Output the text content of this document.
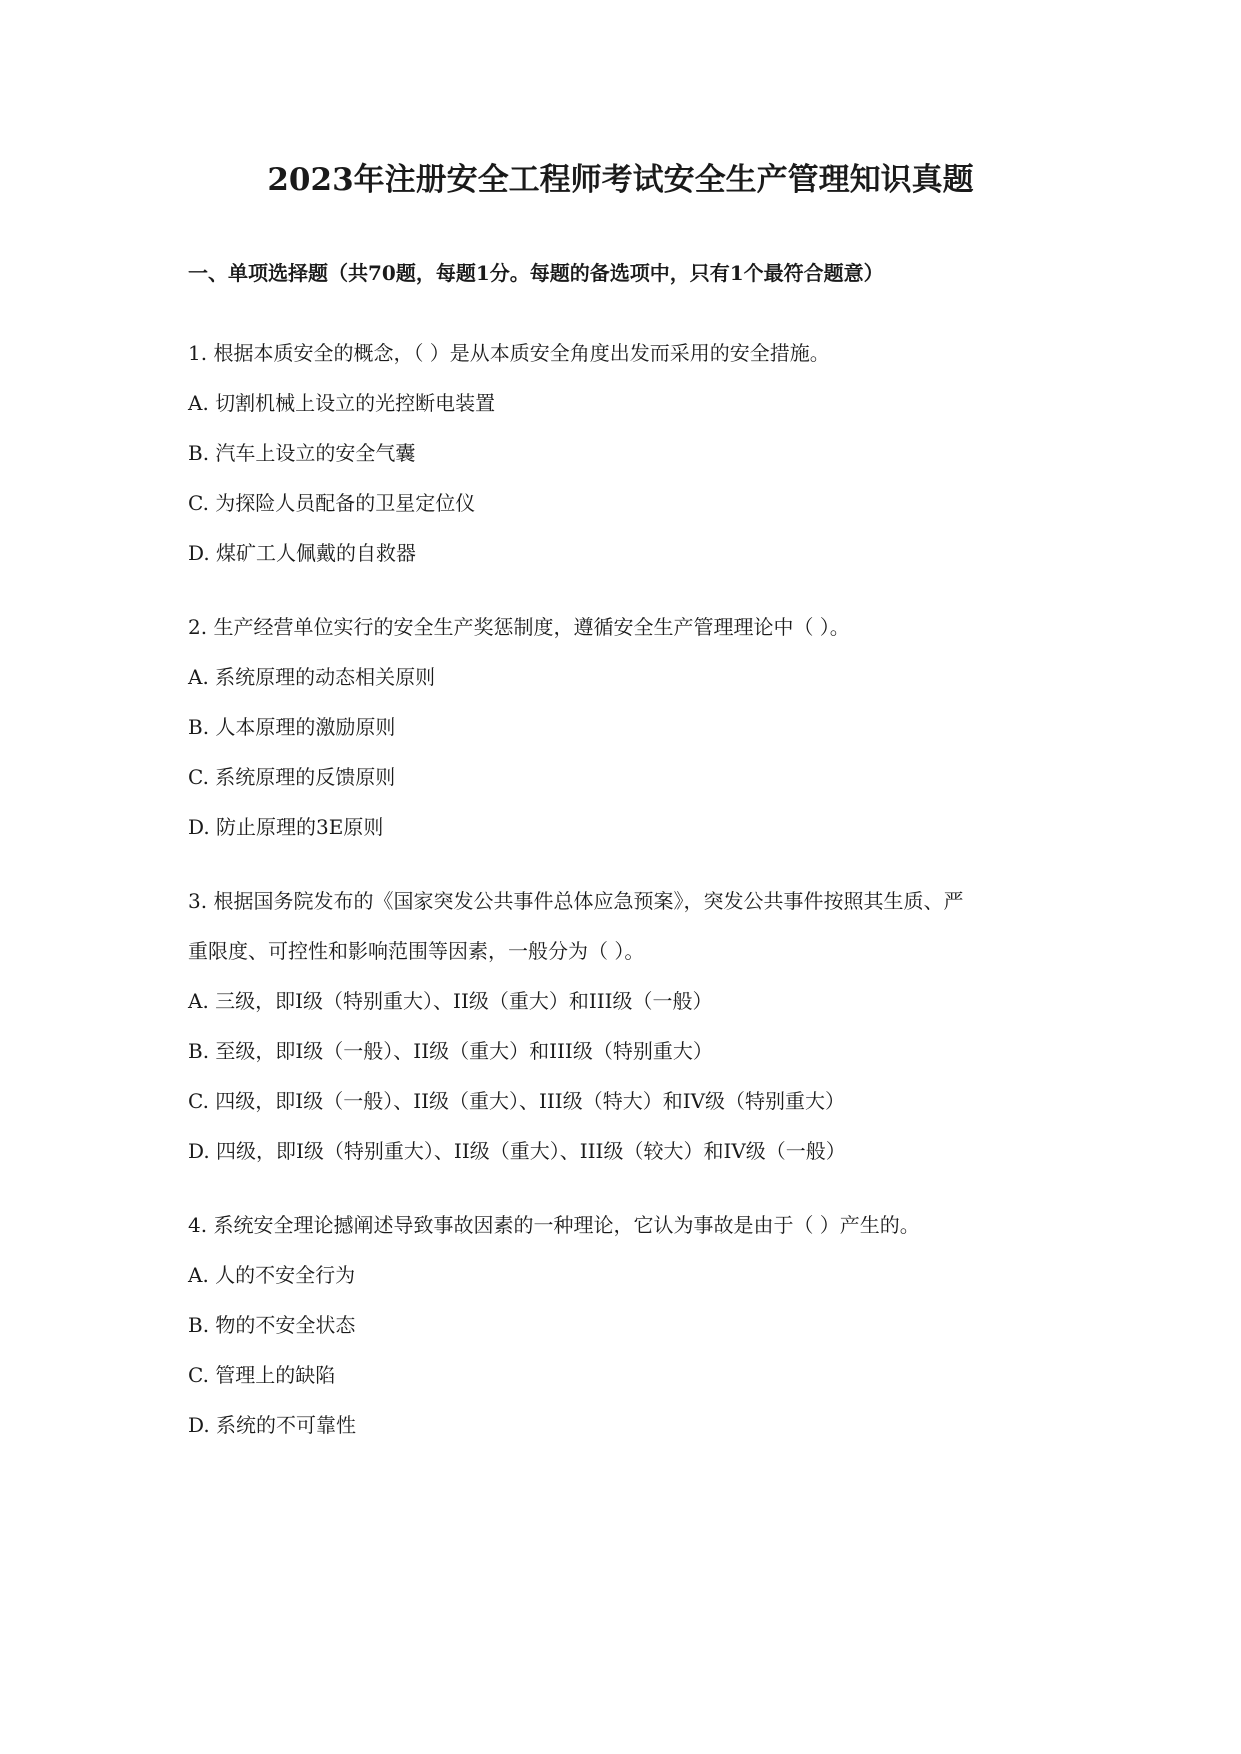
2023年注册安全工程师考试安全生产管理知识真题
一、单项选择题（共70题，每题1分。每题的备选项中，只有1个最符合题意）
1. 根据本质安全的概念，（ ）是从本质安全角度出发而采用的安全措施。
A. 切割机械上设立的光控断电装置
B. 汽车上设立的安全气囊
C. 为探险人员配备的卫星定位仪
D. 煤矿工人佩戴的自救器
2. 生产经营单位实行的安全生产奖惩制度，遵循安全生产管理理论中（ ）。
A. 系统原理的动态相关原则
B. 人本原理的激励原则
C. 系统原理的反馈原则
D. 防止原理的3E原则
3. 根据国务院发布的《国家突发公共事件总体应急预案》，突发公共事件按照其生质、严
重限度、可控性和影响范围等因素，一般分为（ ）。
A. 三级，即I级（特别重大）、II级（重大）和III级（一般）
B. 至级，即I级（一般）、II级（重大）和III级（特别重大）
C. 四级，即I级（一般）、II级（重大）、III级（特大）和IV级（特别重大）
D. 四级，即I级（特别重大）、II级（重大）、III级（较大）和IV级（一般）
4. 系统安全理论撼阐述导致事故因素的一种理论，它认为事故是由于（ ）产生的。
A. 人的不安全行为
B. 物的不安全状态
C. 管理上的缺陷
D. 系统的不可靠性
